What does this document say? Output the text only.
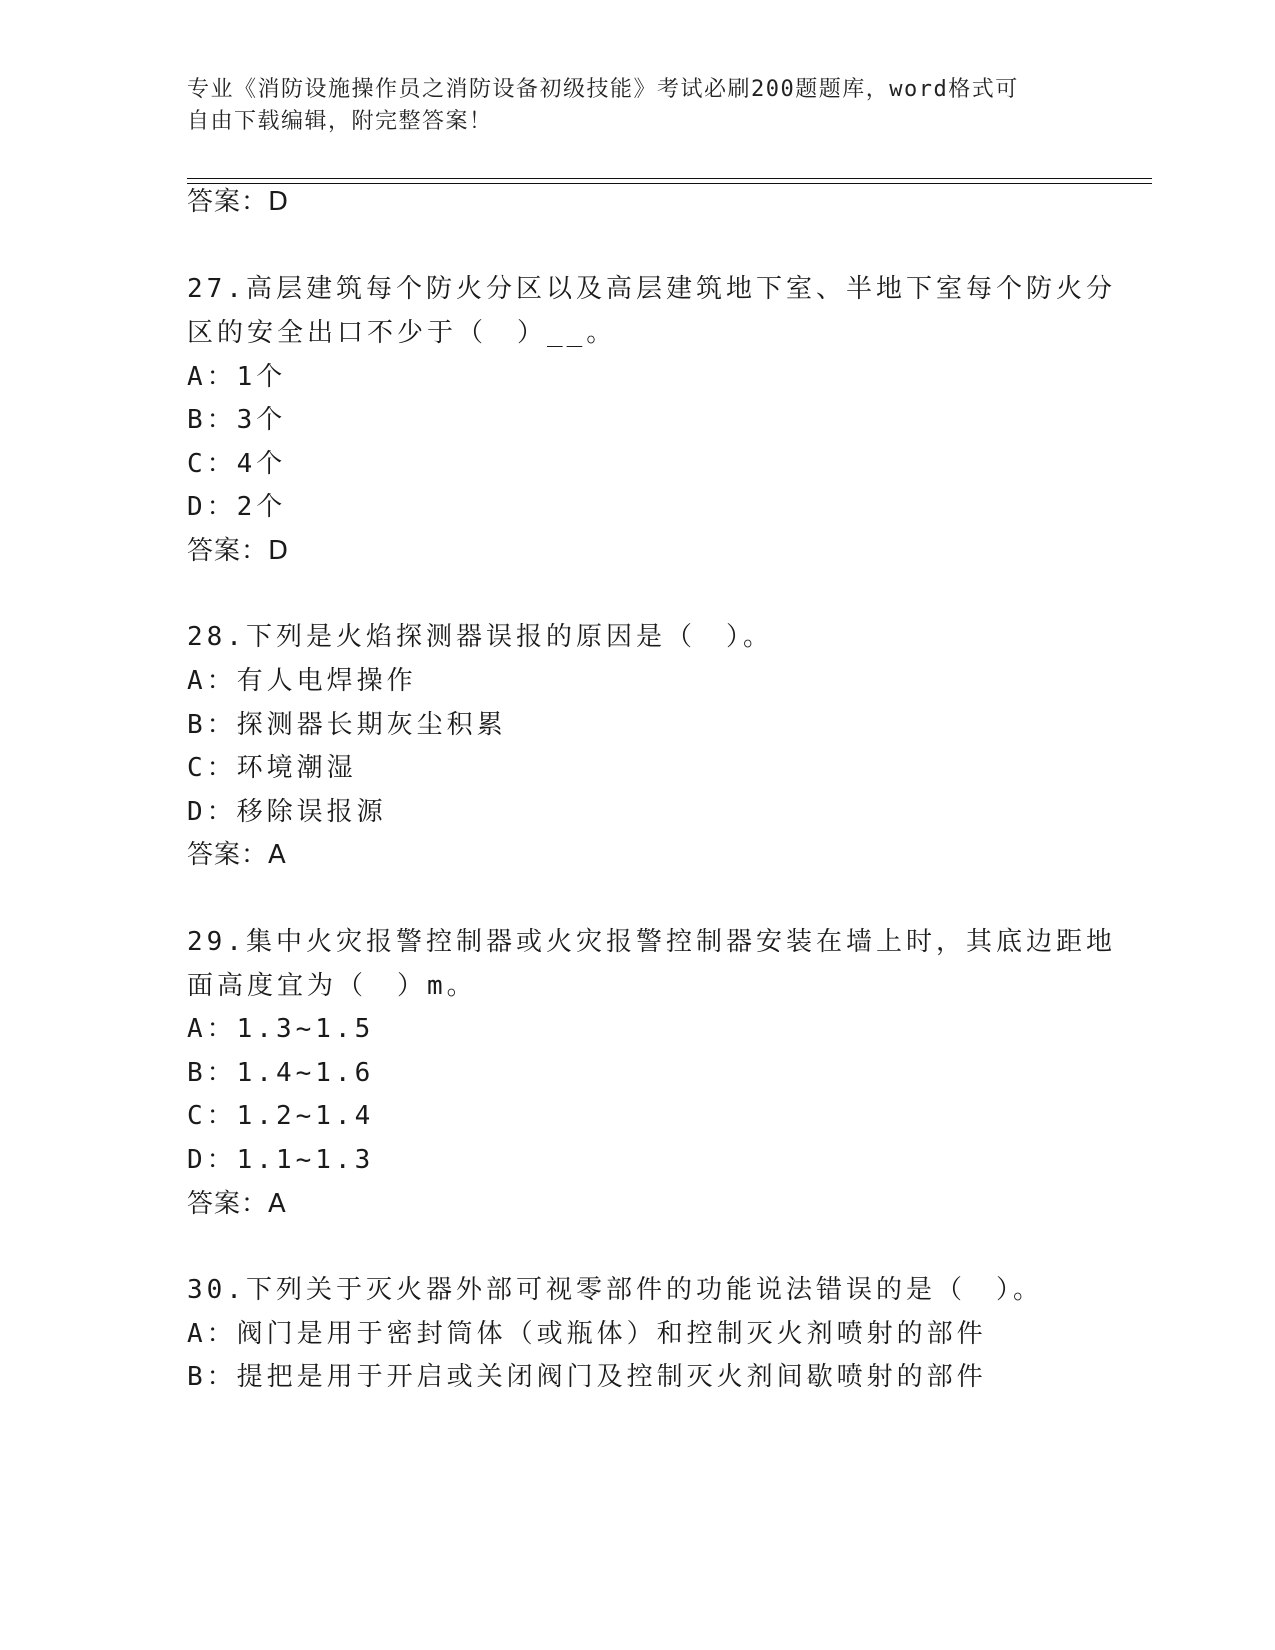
专业《消防设施操作员之消防设备初级技能》考试必刷200题题库，word格式可
自由下载编辑，附完整答案！
答案：D
27.高层建筑每个防火分区以及高层建筑地下室、半地下室每个防火分
区的安全出口不少于（　）__。
A：1个
B：3个
C：4个
D：2个
答案：D
28.下列是火焰探测器误报的原因是（　）。
A：有人电焊操作
B：探测器长期灰尘积累
C：环境潮湿
D：移除误报源
答案：A
29.集中火灾报警控制器或火灾报警控制器安装在墙上时，其底边距地
面高度宜为（　）m。
A：1.3~1.5
B：1.4~1.6
C：1.2~1.4
D：1.1~1.3
答案：A
30.下列关于灭火器外部可视零部件的功能说法错误的是（　）。
A：阀门是用于密封筒体（或瓶体）和控制灭火剂喷射的部件
B：提把是用于开启或关闭阀门及控制灭火剂间歇喷射的部件
